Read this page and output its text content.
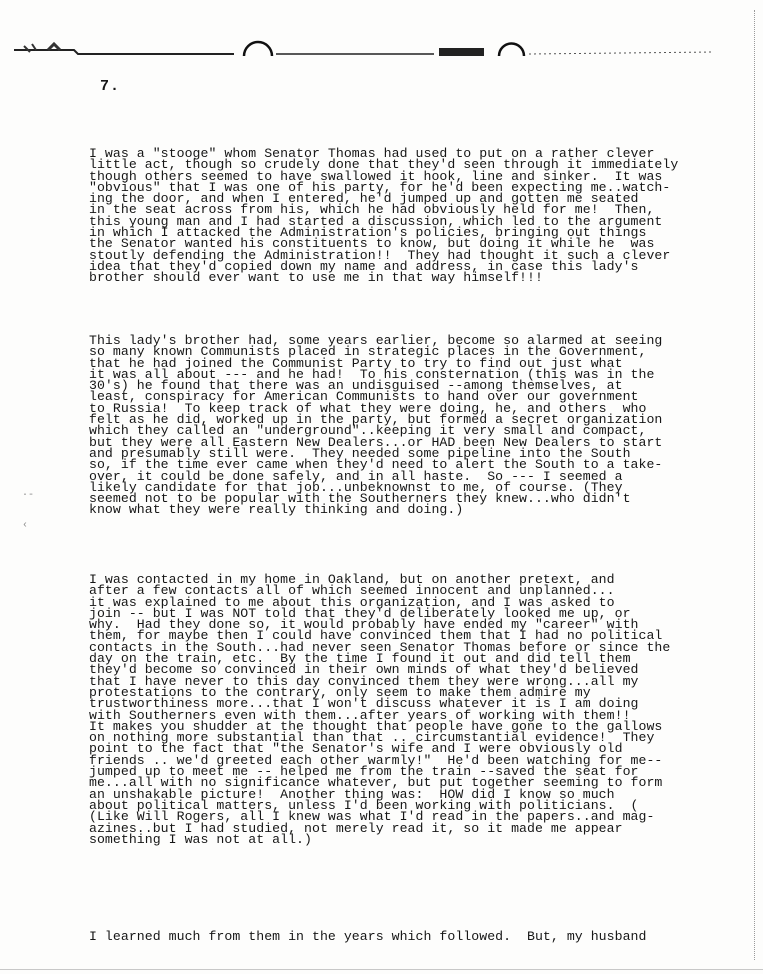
·-
‹
7.
I was a "stooge" whom Senator Thomas had used to put on a rather clever
little act, though so crudely done that they'd seen through it immediately
though others seemed to have swallowed it hook, line and sinker.  It was
"obvious" that I was one of his party, for he'd been expecting me..watch-
ing the door, and when I entered, he'd jumped up and gotten me seated
in the seat across from his, which he had obviously held for me!  Then,
this young man and I had started a discussion, which led to the argument
in which I attacked the Administration's policies, bringing out things
the Senator wanted his constituents to know, but doing it while he  was
stoutly defending the Administration!!  They had thought it such a clever
idea that they'd copied down my name and address, in case this lady's
brother should ever want to use me in that way himself!!!
This lady's brother had, some years earlier, become so alarmed at seeing
so many known Communists placed in strategic places in the Government,
that he had joined the Communist Party to try to find out just what
it was all about --- and he had!  To his consternation (this was in the
30's) he found that there was an undisguised --among themselves, at
least, conspiracy for American Communists to hand over our government
to Russia!  To keep track of what they were doing, he, and others  who
felt as he did, worked up in the party, but formed a secret organization
which they called an "underground"..keeping it very small and compact,
but they were all Eastern New Dealers...or HAD been New Dealers to start
and presumably still were.  They needed some pipeline into the South
so, if the time ever came when they'd need to alert the South to a take-
over, it could be done safely, and in all haste.  So --- I seemed a
likely candidate for that job...unbeknownst to me, of course. (They
seemed not to be popular with the Southerners they knew...who didn't
know what they were really thinking and doing.)
I was contacted in my home in Oakland, but on another pretext, and
after a few contacts all of which seemed innocent and unplanned...
it was explained to me about this organization, and I was asked to
join -- but I was NOT told that they'd deliberately looked me up, or
why.  Had they done so, it would probably have ended my "career" with
them, for maybe then I could have convinced them that I had no political
contacts in the South...had never seen Senator Thomas before or since the
day on the train, etc.  By the time I found it out and did tell them
they'd become so convinced in their own minds of what they'd believed
that I have never to this day convinced them they were wrong...all my
protestations to the contrary, only seem to make them admire my
trustworthiness more...that I won't discuss whatever it is I am doing
with Southerners even with them...after years of working with them!!
It makes you shudder at the thought that people have gone to the gallows
on nothing more substantial than that .. circumstantial evidence!  They
point to the fact that "the Senator's wife and I were obviously old
friends .. we'd greeted each other warmly!"  He'd been watching for me--
jumped up to meet me -- helped me from the train --saved the seat for
me...all with no significance whatever, but put together seeming to form
an unshakable picture!  Another thing was:  HOW did I know so much
about political matters, unless I'd been working with politicians.  (
(Like Will Rogers, all I knew was what I'd read in the papers..and mag-
azines..but I had studied, not merely read it, so it made me appear
something I was not at all.)
I learned much from them in the years which followed.  But, my husband
